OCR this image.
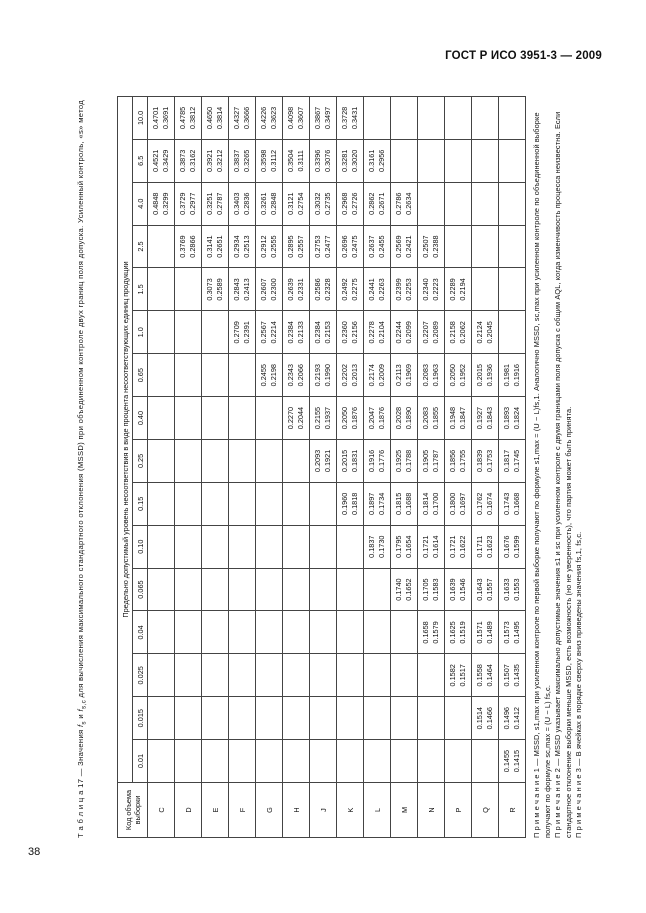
ГОСТ Р ИСО 3951-3 — 2009
38
Т а б л и ц а 17 — Значения $f_s$ и $f_{s,c}$ для вычисления максимального стандартного отклонения (MSSD) при объединенном контроле двух границ поля допуска. Усиленный контроль, «s» метод
Код объема выборки	Предельно допустимый уровень несоответствия в виде процента несоответствующих единиц продукции															
	0.01	0.015	0.025	0.04	0.065	0.10	0.15	0.25	0.40	0.65	1.0	1.5	2.5	4.0	6.5	10.0
C														0.4848 0.3299	0.4521 0.3429	0.4701 0.3691

D													0.3769 0.2866	0.3729 0.2977	0.3873 0.3162	0.4785 0.3812

E												0.3073 0.2589	0.3141 0.2651	0.3251 0.2787	0.3921 0.3212	0.4650 0.3814

F											0.2709 0.2391	0.2843 0.2413	0.2934 0.2513	0.3403 0.2836	0.3837 0.3265	0.4327 0.3666

G										0.2455 0.2198	0.2567 0.2214	0.2607 0.2300	0.2912 0.2555	0.3261 0.2848	0.3598 0.3112	0.4226 0.3623

H									0.2270 0.2044	0.2343 0.2066	0.2384 0.2133	0.2639 0.2331	0.2895 0.2557	0.3121 0.2754	0.3504 0.3111	0.4098 0.3607

J								0.2093 0.1921	0.2155 0.1937	0.2193 0.1990	0.2384 0.2153	0.2586 0.2328	0.2753 0.2477	0.3032 0.2735	0.3396 0.3076	0.3867 0.3497

K							0.1960 0.1818	0.2015 0.1831	0.2050 0.1876	0.2202 0.2013	0.2360 0.2156	0.2492 0.2275	0.2696 0.2475	0.2968 0.2726	0.3281 0.3020	0.3728 0.3431

L						0.1837 0.1730	0.1897 0.1734	0.1916 0.1776	0.2047 0.1876	0.2174 0.2009	0.2278 0.2104	0.2441 0.2263	0.2637 0.2455	0.2862 0.2671	0.3161 0.2956	

M					0.1740 0.1652	0.1795 0.1654	0.1815 0.1688	0.1925 0.1788	0.2028 0.1890	0.2113 0.1969	0.2244 0.2099	0.2399 0.2253	0.2569 0.2421	0.2786 0.2634		

N				0.1658 0.1579	0.1705 0.1583	0.1721 0.1614	0.1814 0.1700	0.1905 0.1787	0.2083 0.1855	0.2083 0.1963	0.2207 0.2089	0.2340 0.2223	0.2507 0.2388			

P			0.1582 0.1517	0.1625 0.1519	0.1639 0.1546	0.1721 0.1622	0.1800 0.1697	0.1856 0.1755	0.1948 0.1847	0.2050 0.1952	0.2158 0.2062	0.2289 0.2194				

Q		0.1514 0.1466	0.1558 0.1464	0.1571 0.1489	0.1643 0.1557	0.1711 0.1623	0.1762 0.1674	0.1839 0.1753	0.1927 0.1843	0.2015 0.1936	0.2124 0.2045					

R	0.1455 0.1415	0.1496 0.1412	0.1507 0.1435	0.1573 0.1495	0.1633 0.1553	0.1676 0.1599	0.1743 0.1668	0.1817 0.1745	0.1893 0.1824	0.1981 0.1916						
						П р и м е ч а н и е 1 — MSSD, s1,max при усиленном контроле по первой выборке получают по формуле s1,max = (U − L)fs,1. Аналогично MSSD, sc,max при усиленном контроле по объединенной выборке получают по формуле sc,max = (U − L) fs,c. П р и м е ч а н и е 2 — MSSD указывает максимально допустимые значения s1 и sc при усиленном контроле с двумя границами поля допуска с общим AQL, когда изменчивость процесса неизвестна. Если стандартное отклонение выборки меньше MSSD, есть возможность (но не уверенность), что партия может быть принята. П р и м е ч а н и е 3 — В ячейках в порядке сверху вниз приведены значения fs,1, fs,c.
